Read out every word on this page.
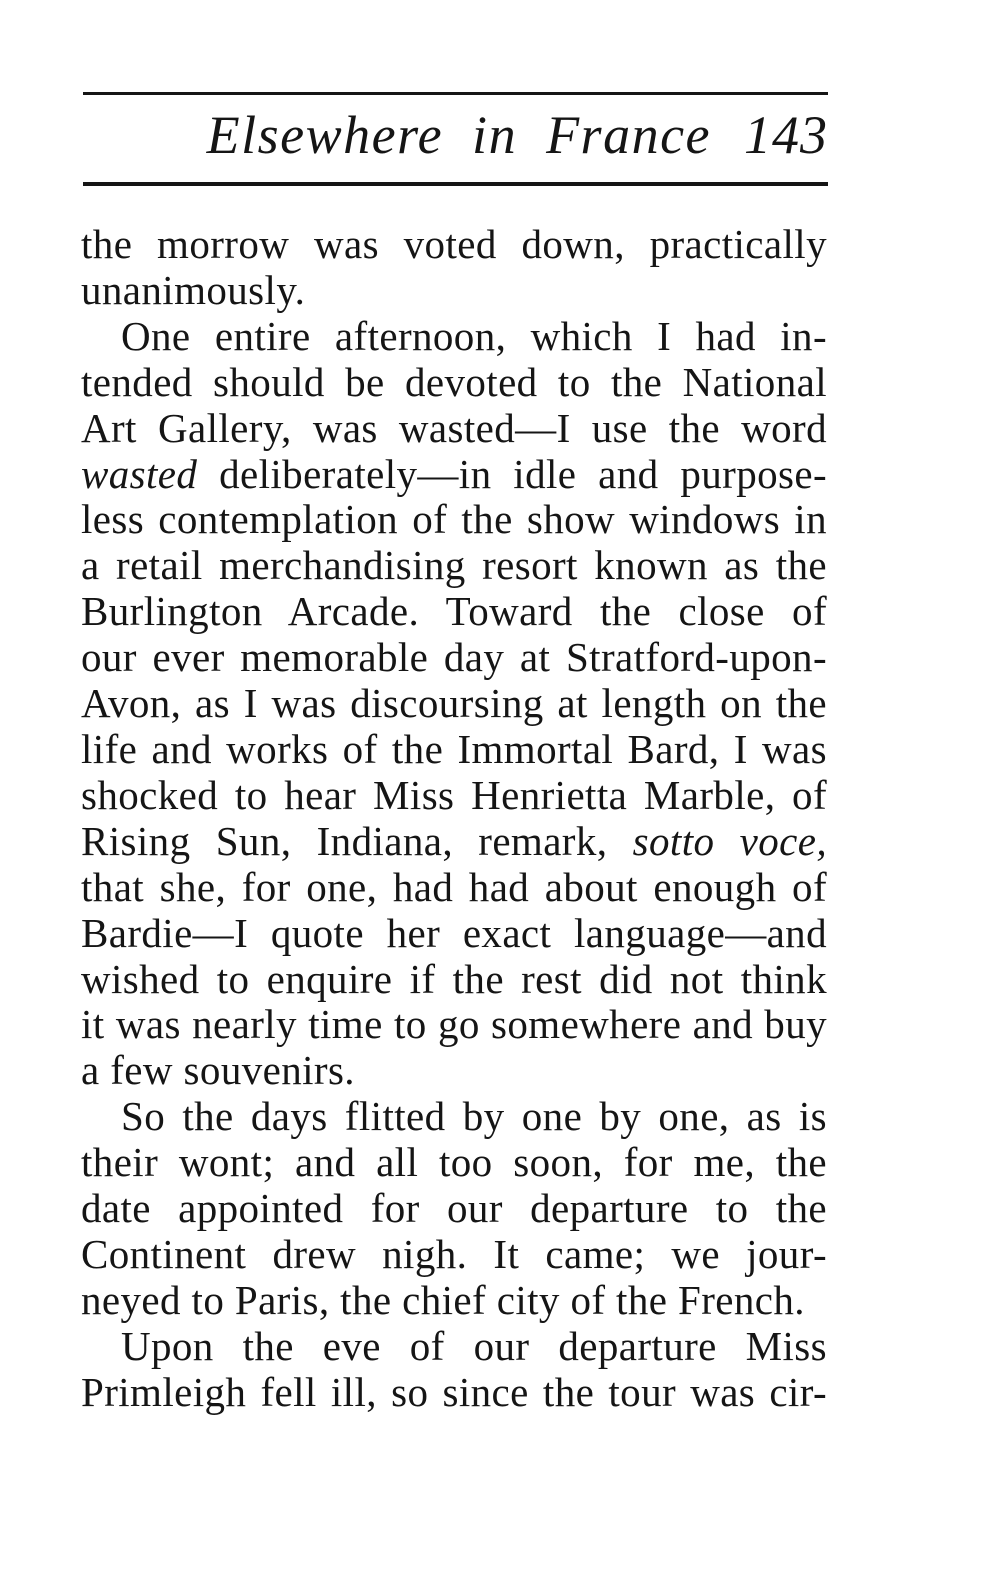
Elsewhere in France 143
the morrow was voted down, practically
unanimously.
One entire afternoon, which I had in-
tended should be devoted to the National
Art Gallery, was wasted—I use the word
wasted deliberately—in idle and purpose-
less contemplation of the show windows in
a retail merchandising resort known as the
Burlington Arcade. Toward the close of
our ever memorable day at Stratford-upon-
Avon, as I was discoursing at length on the
life and works of the Immortal Bard, I was
shocked to hear Miss Henrietta Marble, of
Rising Sun, Indiana, remark, sotto voce,
that she, for one, had had about enough of
Bardie—I quote her exact language—and
wished to enquire if the rest did not think
it was nearly time to go somewhere and buy
a few souvenirs.
So the days flitted by one by one, as is
their wont; and all too soon, for me, the
date appointed for our departure to the
Continent drew nigh. It came; we jour-
neyed to Paris, the chief city of the French.
Upon the eve of our departure Miss
Primleigh fell ill, so since the tour was cir-
